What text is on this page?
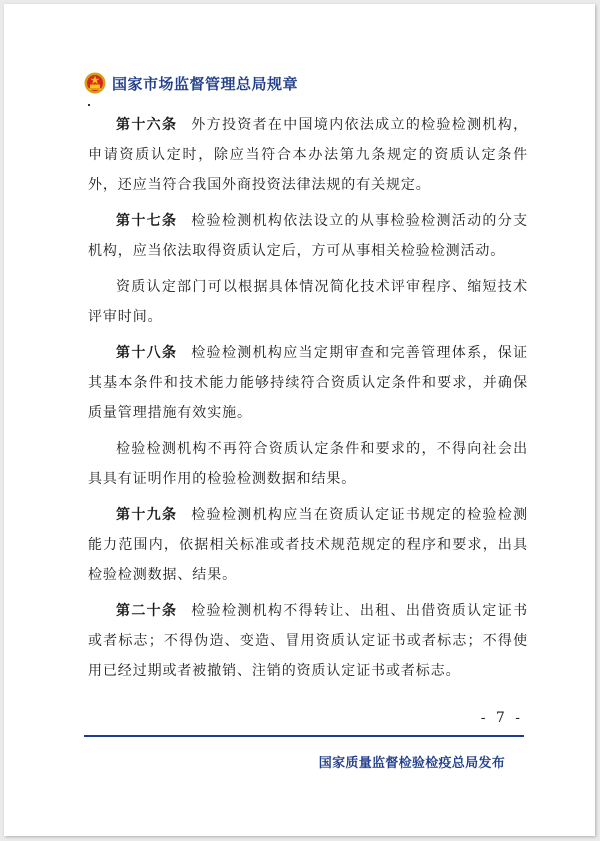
国家市场监督管理总局规章

第十六条 外方投资者在中国境内依法成立的检验检测机构，申请资质认定时，除应当符合本办法第九条规定的资质认定条件外，还应当符合我国外商投资法律法规的有关规定。

第十七条 检验检测机构依法设立的从事检验检测活动的分支机构，应当依法取得资质认定后，方可从事相关检验检测活动。

资质认定部门可以根据具体情况简化技术评审程序、缩短技术评审时间。

第十八条 检验检测机构应当定期审查和完善管理体系，保证其基本条件和技术能力能够持续符合资质认定条件和要求，并确保质量管理措施有效实施。

检验检测机构不再符合资质认定条件和要求的，不得向社会出具具有证明作用的检验检测数据和结果。

第十九条 检验检测机构应当在资质认定证书规定的检验检测能力范围内，依据相关标准或者技术规范规定的程序和要求，出具检验检测数据、结果。

第二十条 检验检测机构不得转让、出租、出借资质认定证书或者标志；不得伪造、变造、冒用资质认定证书或者标志；不得使用已经过期或者被撤销、注销的资质认定证书或者标志。

- 7 -
国家质量监督检验检疫总局发布
